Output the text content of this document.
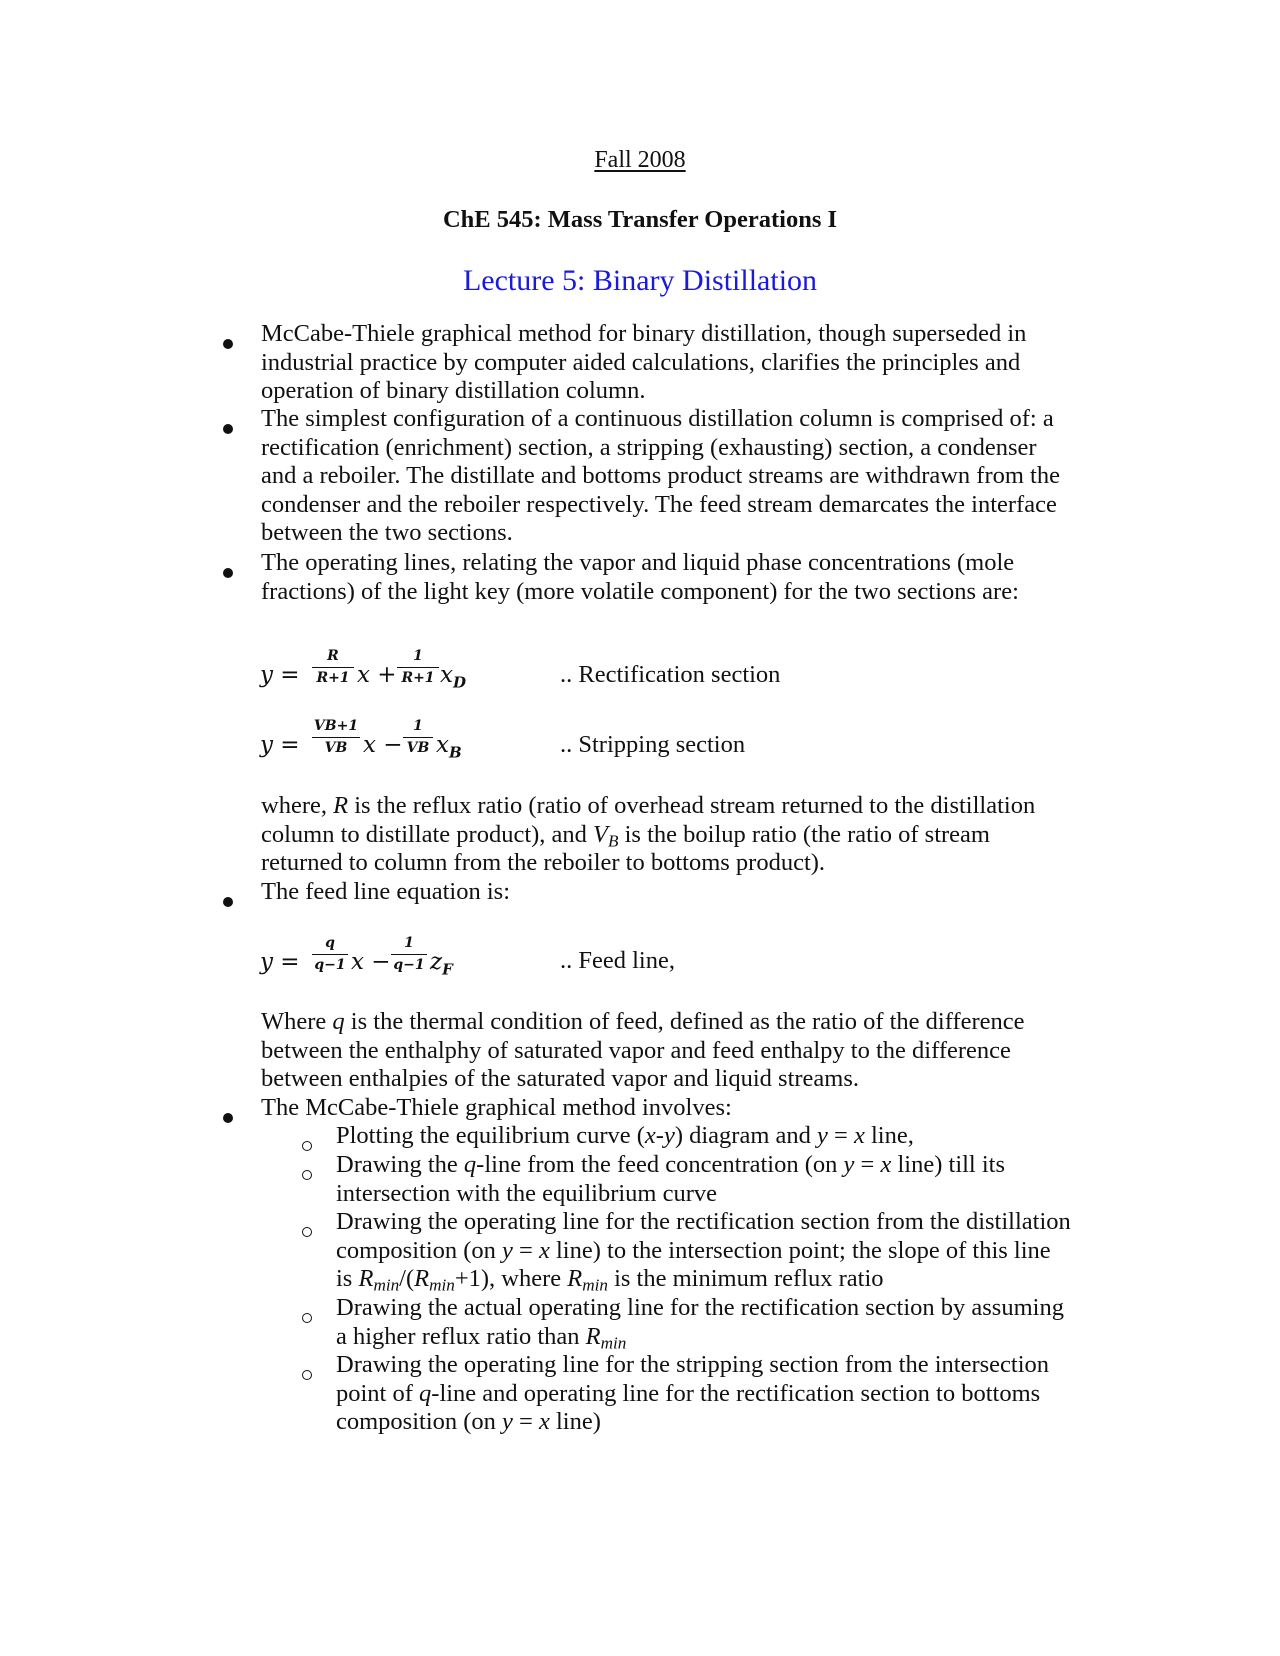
Fall 2008
ChE 545: Mass Transfer Operations I
Lecture 5: Binary Distillation
McCabe-Thiele graphical method for binary distillation, though superseded in
industrial practice by computer aided calculations, clarifies the principles and
operation of binary distillation column.
The simplest configuration of a continuous distillation column is comprised of: a
rectification (enrichment) section, a stripping (exhausting) section, a condenser
and a reboiler. The distillate and bottoms product streams are withdrawn from the
condenser and the reboiler respectively. The feed stream demarcates the interface
between the two sections.
The operating lines, relating the vapor and liquid phase concentrations (mole
fractions) of the light key (more volatile component) for the two sections are:
y =
R
R+1 x +
1
R+1 $x_D$	.. Rectification section
y =
VB+1
VB x −
1
VB $x_B$	.. Stripping section
where, R is the reflux ratio (ratio of overhead stream returned to the distillation
column to distillate product), and $V_B$ is the boilup ratio (the ratio of stream
returned to column from the reboiler to bottoms product).
The feed line equation is:
y =
q
q−1 x −
1
q−1 $z_F$	.. Feed line,
Where q is the thermal condition of feed, defined as the ratio of the difference
between the enthalphy of saturated vapor and feed enthalpy to the difference
between enthalpies of the saturated vapor and liquid streams.
The McCabe-Thiele graphical method involves:
Plotting the equilibrium curve (x-y) diagram and y = x line,
Drawing the q-line from the feed concentration (on y = x line) till its
intersection with the equilibrium curve
Drawing the operating line for the rectification section from the distillation
composition (on y = x line) to the intersection point; the slope of this line
is $R_{min}/(R_{min}+1)$, where $R_{min}$ is the minimum reflux ratio
Drawing the actual operating line for the rectification section by assuming
a higher reflux ratio than $R_{min}$
Drawing the operating line for the stripping section from the intersection
point of q-line and operating line for the rectification section to bottoms
composition (on y = x line)
